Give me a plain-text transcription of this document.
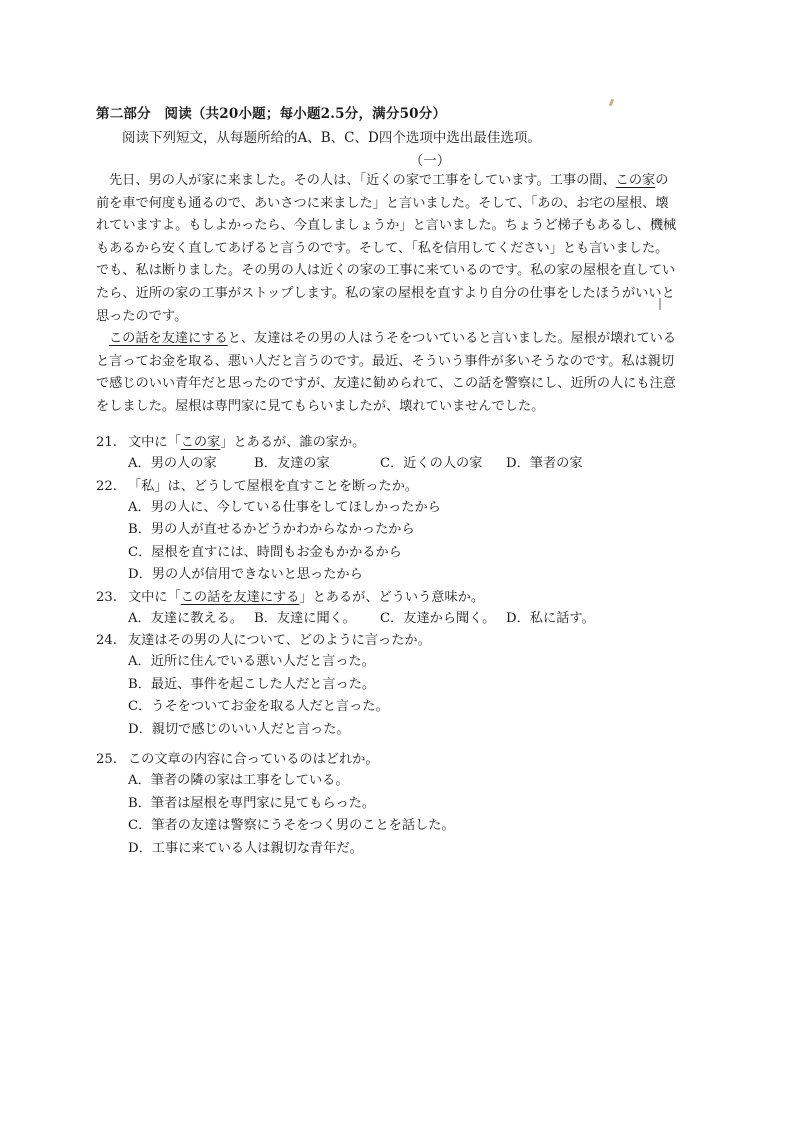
第二部分　阅读（共20小题；每小题2.5分，满分50分）
阅读下列短文，从每题所给的A、B、C、D四个选项中选出最佳选项。
（一）

先日、男の人が家に来ました。その人は、「近くの家で工事をしています。工事の間、この家の前を車で何度も通るので、あいさつに来ました」と言いました。そして、「あの、お宅の屋根、壊れていますよ。もしよかったら、今直しましょうか」と言いました。ちょうど梯子もあるし、機械もあるから安く直してあげると言うのです。そして、「私を信用してください」とも言いました。でも、私は断りました。その男の人は近くの家の工事に来ているのです。私の家の屋根を直していたら、近所の家の工事がストップします。私の家の屋根を直すより自分の仕事をしたほうがいいと思ったのです。

この話を友達にすると、友達はその男の人はうそをついていると言いました。屋根が壊れていると言ってお金を取る、悪い人だと言うのです。最近、そういう事件が多いそうなのです。私は親切で感じのいい青年だと思ったのですが、友達に勧められて、この話を警察にし、近所の人にも注意をしました。屋根は専門家に見てもらいましたが、壊れていませんでした。

21. 文中に「この家」とあるが、誰の家か。
A．男の人の家	B．友達の家	C．近くの人の家 D．筆者の家
22. 「私」は、どうして屋根を直すことを断ったか。
A．男の人に、今している仕事をしてほしかったから
B．男の人が直せるかどうかわからなかったから
C．屋根を直すには、時間もお金もかかるから
D．男の人が信用できないと思ったから
23. 文中に「この話を友達にする」とあるが、どういう意味か。
A．友達に教える。 B．友達に聞く。 C．友達から聞く。 D．私に話す。
24. 友達はその男の人について、どのように言ったか。
A．近所に住んでいる悪い人だと言った。
B．最近、事件を起こした人だと言った。
C．うそをついてお金を取る人だと言った。
D．親切で感じのいい人だと言った。
25. この文章の内容に合っているのはどれか。
A．筆者の隣の家は工事をしている。
B．筆者は屋根を専門家に見てもらった。
C．筆者の友達は警察にうそをつく男のことを話した。
D．工事に来ている人は親切な青年だ。
